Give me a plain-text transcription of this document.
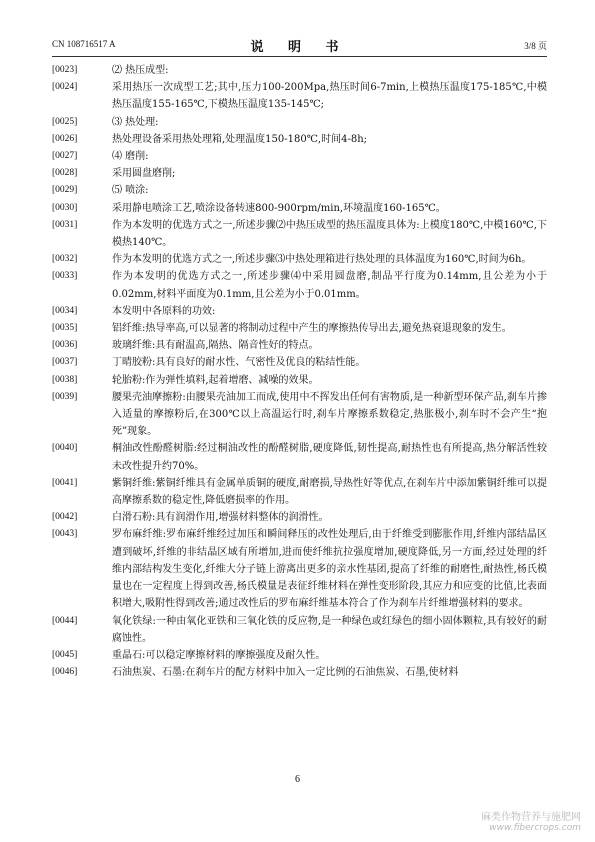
CN 108716517 A	说 明 书	3/8 页
[0023]	⑵ 热压成型:
[0024]	采用热压一次成型工艺;其中,压力100-200Mpa,热压时间6-7min,上模热压温度175-185℃,中模热压温度155-165℃,下模热压温度135-145℃;
[0025]	⑶ 热处理:
[0026]	热处理设备采用热处理箱,处理温度150-180℃,时间4-8h;
[0027]	⑷ 磨削:
[0028]	采用圆盘磨削;
[0029]	⑸ 喷涂:
[0030]	采用静电喷涂工艺,喷涂设备转速800-900rpm/min,环境温度160-165℃。
[0031]	作为本发明的优选方式之一,所述步骤⑵中热压成型的热压温度具体为:上模度180℃,中模160℃,下模热140℃。
[0032]	作为本发明的优选方式之一,所述步骤⑶中热处理箱进行热处理的具体温度为160℃,时间为6h。
[0033]	作为本发明的优选方式之一,所述步骤⑷中采用圆盘磨,制品平行度为0.14mm,且公差为小于0.02mm,材料平面度为0.1mm,且公差为小于0.01mm。
[0034]	本发明中各原料的功效:
[0035]	铝纤维:热导率高,可以显著的将制动过程中产生的摩擦热传导出去,避免热衰退现象的发生。
[0036]	玻璃纤维:具有耐温高,隔热、隔音性好的特点。
[0037]	丁晴胶粉:具有良好的耐水性、气密性及优良的粘结性能。
[0038]	轮胎粉:作为弹性填料,起着增磨、减噪的效果。
[0039]	腰果壳油摩擦粉:由腰果壳油加工而成,使用中不挥发出任何有害物质,是一种新型环保产品,刹车片掺入适量的摩擦粉后,在300℃以上高温运行时,刹车片摩擦系数稳定,热胀极小,刹车时不会产生“抱死”现象。
[0040]	桐油改性酚醛树脂:经过桐油改性的酚醛树脂,硬度降低,韧性提高,耐热性也有所提高,热分解活性较未改性提升约70%。
[0041]	紫铜纤维:紫铜纤维具有金属单质铜的硬度,耐磨损,导热性好等优点,在刹车片中添加紫铜纤维可以提高摩擦系数的稳定性,降低磨损率的作用。
[0042]	白滑石粉:具有润滑作用,增强材料整体的润滑性。
[0043]	罗布麻纤维:罗布麻纤维经过加压和瞬间释压的改性处理后,由于纤维受到膨胀作用,纤维内部结晶区遭到破坏,纤维的非结晶区域有所增加,进而使纤维抗拉强度增加,硬度降低,另一方面,经过处理的纤维内部结构发生变化,纤维大分子链上游离出更多的亲水性基团,提高了纤维的耐磨性,耐热性,杨氏模量也在一定程度上得到改善,杨氏模量是表征纤维材料在弹性变形阶段,其应力和应变的比值,比表面积增大,吸附性得到改善;通过改性后的罗布麻纤维基本符合了作为刹车片纤维增强材料的要求。
[0044]	氧化铁绿:一种由氧化亚铁和三氧化铁的反应物,是一种绿色或红绿色的细小固体颗粒,具有较好的耐腐蚀性。
[0045]	重晶石:可以稳定摩擦材料的摩擦强度及耐久性。
[0046]	石油焦炭、石墨:在刹车片的配方材料中加入一定比例的石油焦炭、石墨,使材料
6
麻类作物营养与施肥网
www.fibercrops.com
